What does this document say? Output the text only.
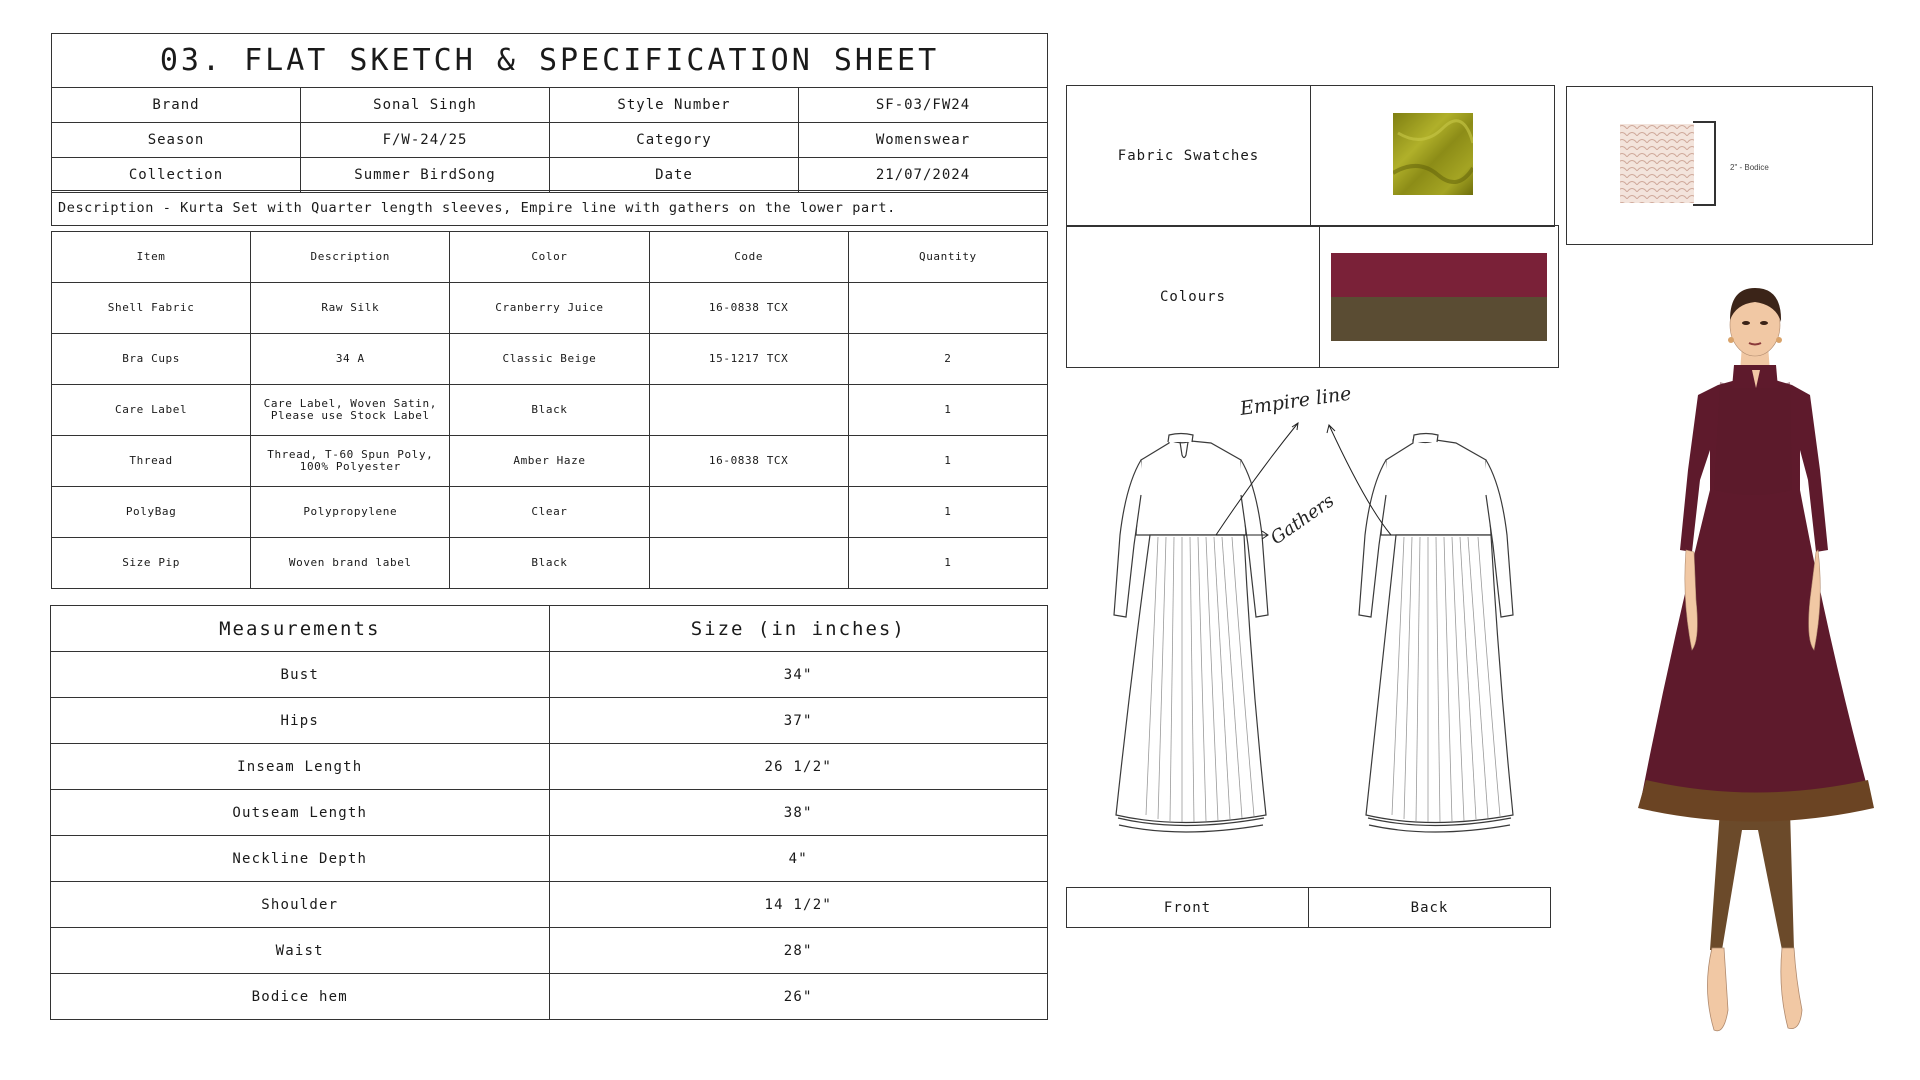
03. FLAT SKETCH & SPECIFICATION SHEET
Brand	Sonal Singh	Style Number	SF-03/FW24
Season	F/W-24/25	Category	Womenswear
Collection	Summer BirdSong	Date	21/07/2024
Description - Kurta Set with Quarter length sleeves, Empire line with gathers on the lower part.
Item	Description	Color	Code	Quantity
Shell Fabric	Raw Silk	Cranberry Juice	16-0838 TCX	
Bra Cups	34 A	Classic Beige	15-1217 TCX	2
Care Label	Care Label, Woven Satin, Please use Stock Label	Black		1
Thread	Thread, T-60 Spun Poly, 100% Polyester	Amber Haze	16-0838 TCX	1
PolyBag	Polypropylene	Clear		1
Size Pip	Woven brand label	Black		1
Measurements	Size (in inches)
Bust	34"
Hips	37"
Inseam Length	26 1/2"
Outseam Length	38"
Neckline Depth	4"
Shoulder	14 1/2"
Waist	28"
Bodice hem	26"
Fabric Swatches	
Colours	
2" - Bodice
Empire line
Gathers
Front	Back
